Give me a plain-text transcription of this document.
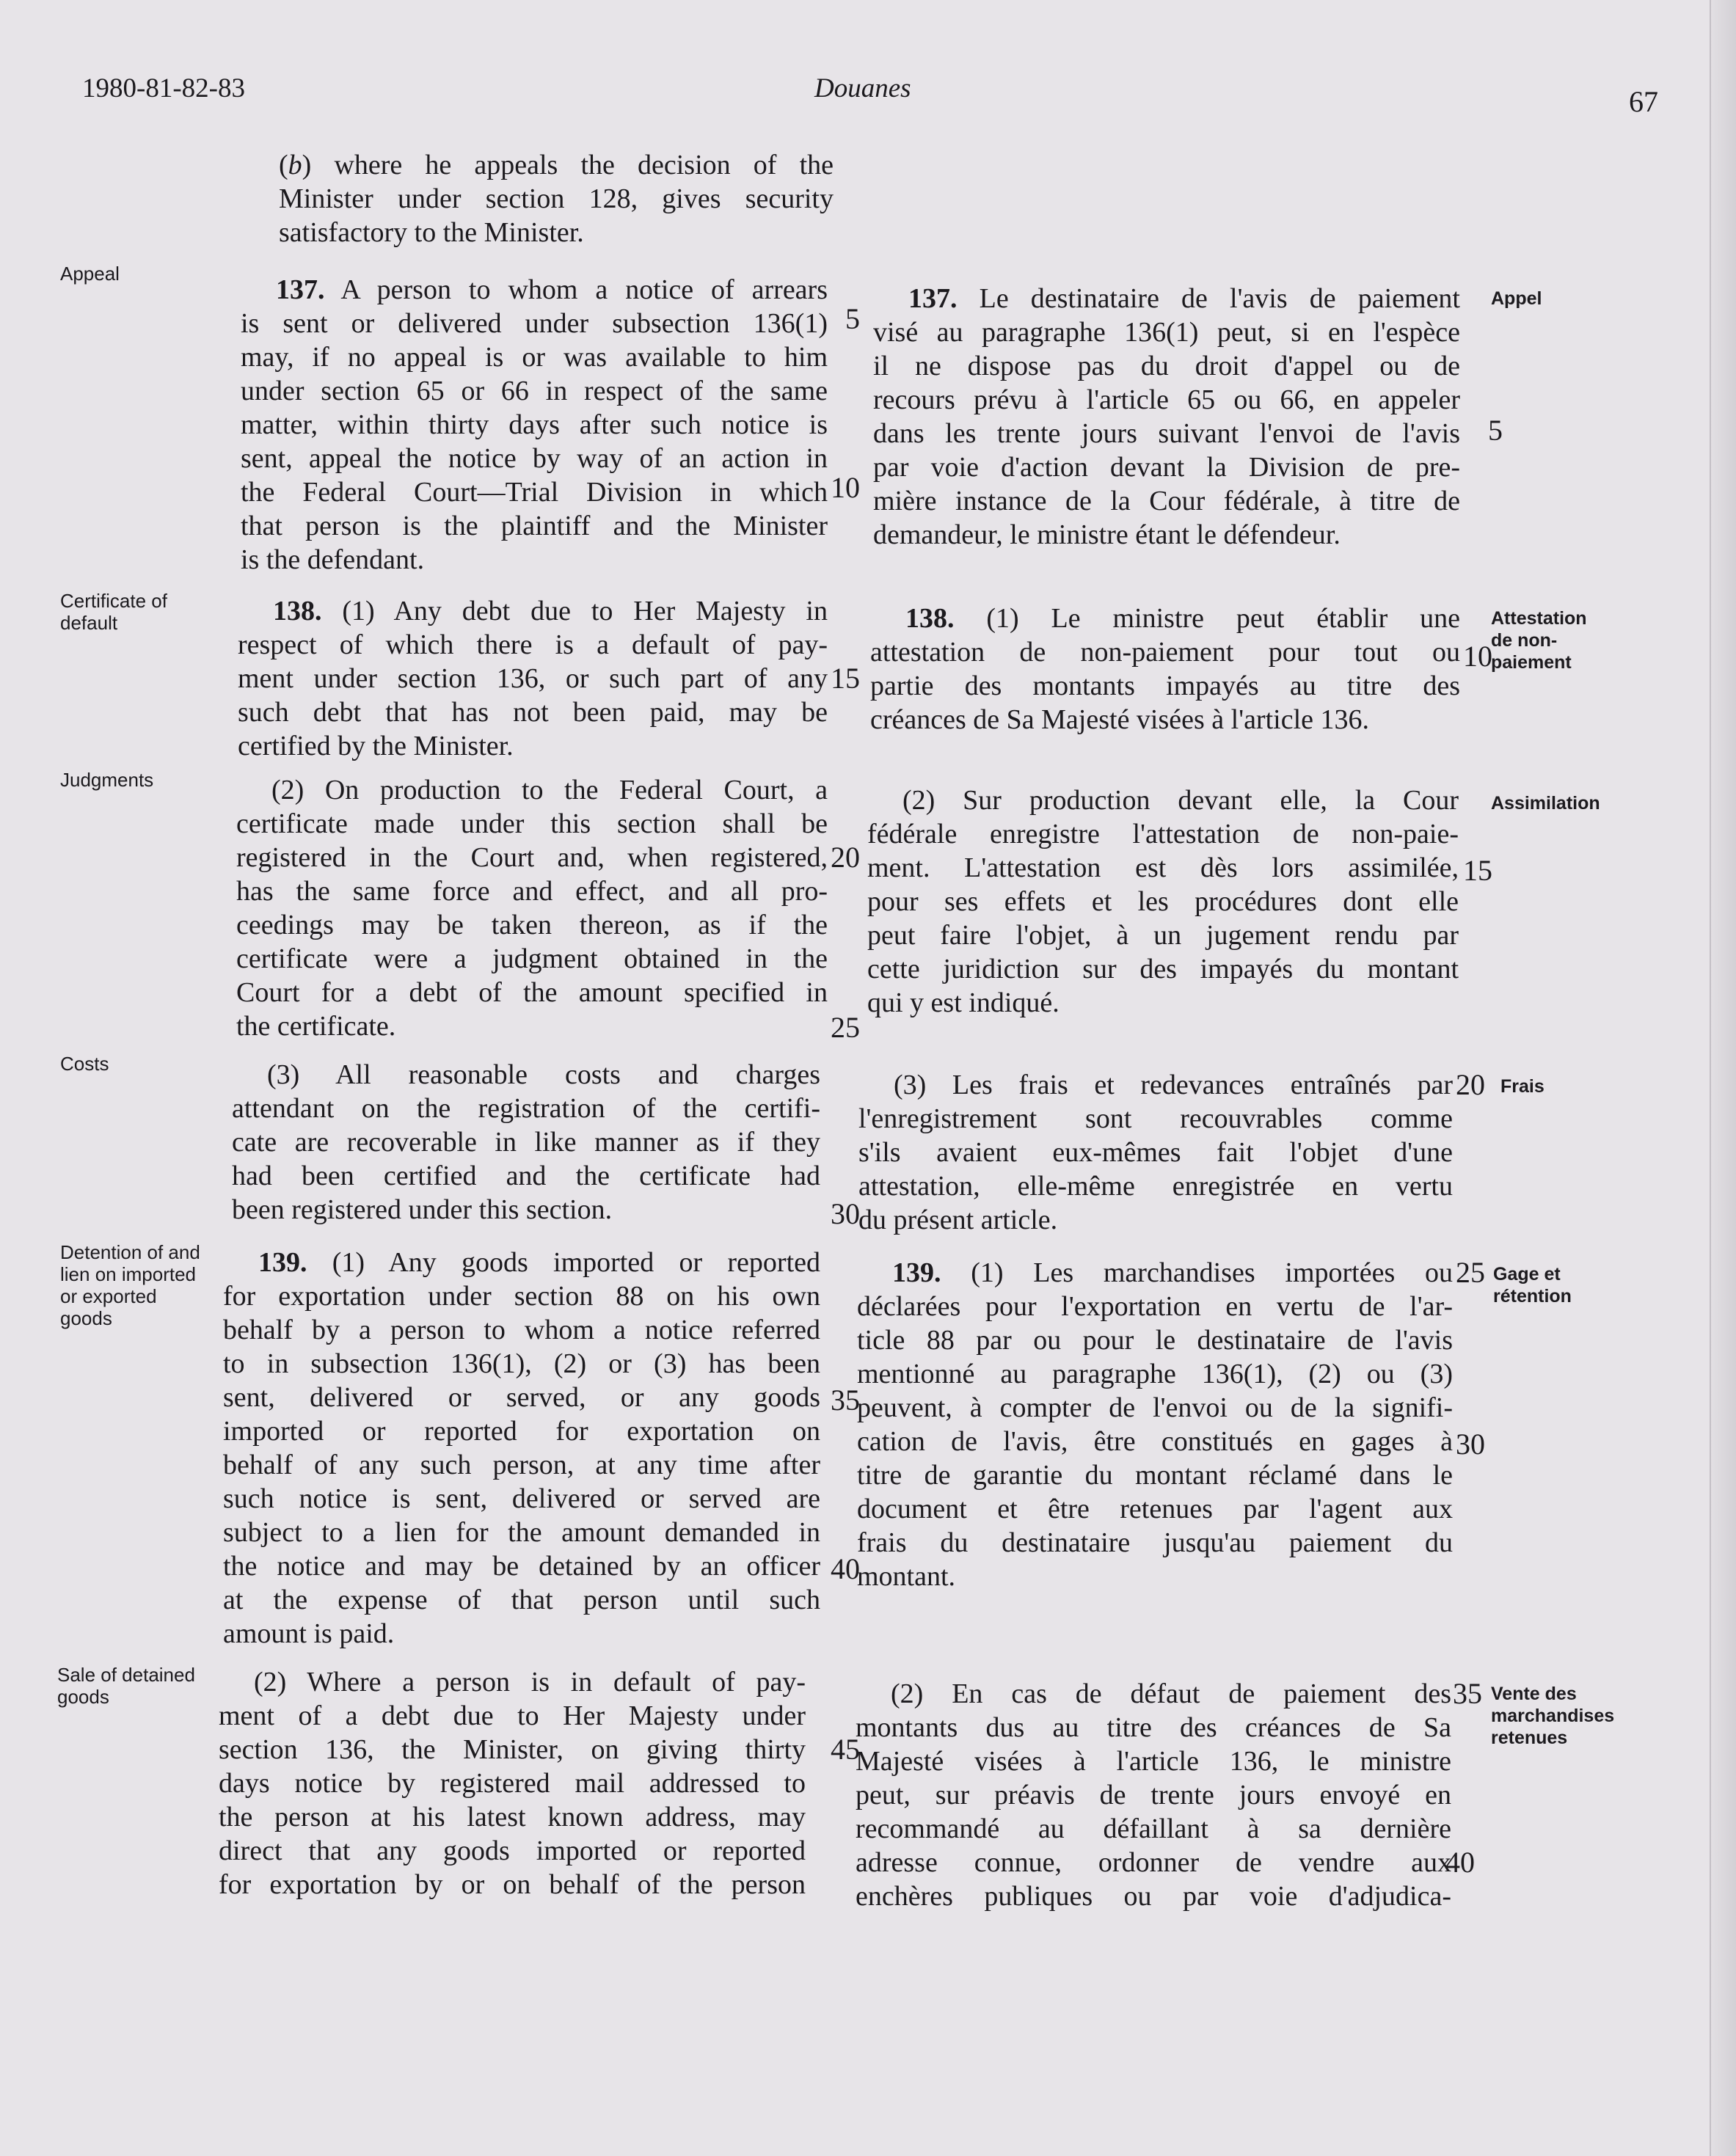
1980-81-82-83	Douanes	67
Appeal
Certificate of default
Judgments
Costs
Detention of and lien on imported or exported goods
Sale of detained goods
Appel
Attestation de non-paiement
Assimilation
Frais
Gage et rétention
Vente des marchandises retenues
(b) where he appeals the decision of the
Minister under section 128, gives security
satisfactory to the Minister.
137. A person to whom a notice of arrears
is sent or delivered under subsection 136(1)
may, if no appeal is or was available to him
under section 65 or 66 in respect of the same
matter, within thirty days after such notice is
sent, appeal the notice by way of an action in
the Federal Court—Trial Division in which
that person is the plaintiff and the Minister
is the defendant.
138. (1) Any debt due to Her Majesty in
respect of which there is a default of pay-
ment under section 136, or such part of any
such debt that has not been paid, may be
certified by the Minister.
(2) On production to the Federal Court, a
certificate made under this section shall be
registered in the Court and, when registered,
has the same force and effect, and all pro-
ceedings may be taken thereon, as if the
certificate were a judgment obtained in the
Court for a debt of the amount specified in
the certificate.
(3) All reasonable costs and charges
attendant on the registration of the certifi-
cate are recoverable in like manner as if they
had been certified and the certificate had
been registered under this section.
139. (1) Any goods imported or reported
for exportation under section 88 on his own
behalf by a person to whom a notice referred
to in subsection 136(1), (2) or (3) has been
sent, delivered or served, or any goods
imported or reported for exportation on
behalf of any such person, at any time after
such notice is sent, delivered or served are
subject to a lien for the amount demanded in
the notice and may be detained by an officer
at the expense of that person until such
amount is paid.
(2) Where a person is in default of pay-
ment of a debt due to Her Majesty under
section 136, the Minister, on giving thirty
days notice by registered mail addressed to
the person at his latest known address, may
direct that any goods imported or reported
for exportation by or on behalf of the person
5
10
15
20
25
30
35
40
45
137. Le destinataire de l'avis de paiement
visé au paragraphe 136(1) peut, si en l'espèce
il ne dispose pas du droit d'appel ou de
recours prévu à l'article 65 ou 66, en appeler
dans les trente jours suivant l'envoi de l'avis
par voie d'action devant la Division de pre-
mière instance de la Cour fédérale, à titre de
demandeur, le ministre étant le défendeur.
138. (1) Le ministre peut établir une
attestation de non-paiement pour tout ou
partie des montants impayés au titre des
créances de Sa Majesté visées à l'article 136.
(2) Sur production devant elle, la Cour
fédérale enregistre l'attestation de non-paie-
ment. L'attestation est dès lors assimilée,
pour ses effets et les procédures dont elle
peut faire l'objet, à un jugement rendu par
cette juridiction sur des impayés du montant
qui y est indiqué.
(3) Les frais et redevances entraînés par
l'enregistrement sont recouvrables comme
s'ils avaient eux-mêmes fait l'objet d'une
attestation, elle-même enregistrée en vertu
du présent article.
139. (1) Les marchandises importées ou
déclarées pour l'exportation en vertu de l'ar-
ticle 88 par ou pour le destinataire de l'avis
mentionné au paragraphe 136(1), (2) ou (3)
peuvent, à compter de l'envoi ou de la signifi-
cation de l'avis, être constitués en gages à
titre de garantie du montant réclamé dans le
document et être retenues par l'agent aux
frais du destinataire jusqu'au paiement du
montant.
(2) En cas de défaut de paiement des
montants dus au titre des créances de Sa
Majesté visées à l'article 136, le ministre
peut, sur préavis de trente jours envoyé en
recommandé au défaillant à sa dernière
adresse connue, ordonner de vendre aux
enchères publiques ou par voie d'adjudica-
5
10
15
20
25
30
35
40
